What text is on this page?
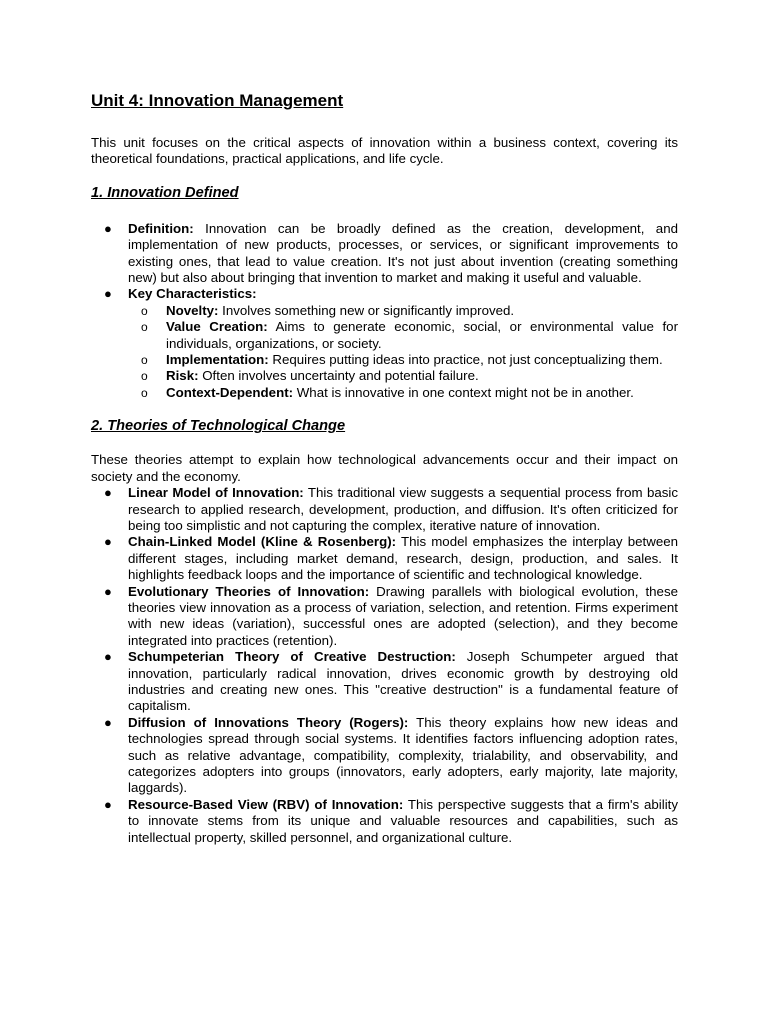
Unit 4: Innovation Management

This unit focuses on the critical aspects of innovation within a business context, covering its theoretical foundations, practical applications, and life cycle.

1. Innovation Defined
● Definition: Innovation can be broadly defined as the creation, development, and implementation of new products, processes, or services, or significant improvements to existing ones, that lead to value creation. It's not just about invention (creating something new) but also about bringing that invention to market and making it useful and valuable.
● Key Characteristics:
o Novelty: Involves something new or significantly improved.
o Value Creation: Aims to generate economic, social, or environmental value for individuals, organizations, or society.
o Implementation: Requires putting ideas into practice, not just conceptualizing them.
o Risk: Often involves uncertainty and potential failure.
o Context-Dependent: What is innovative in one context might not be in another.
2. Theories of Technological Change

These theories attempt to explain how technological advancements occur and their impact on society and the economy.

● Linear Model of Innovation: This traditional view suggests a sequential process from basic research to applied research, development, production, and diffusion. It's often criticized for being too simplistic and not capturing the complex, iterative nature of innovation.
● Chain-Linked Model (Kline & Rosenberg): This model emphasizes the interplay between different stages, including market demand, research, design, production, and sales. It highlights feedback loops and the importance of scientific and technological knowledge.
● Evolutionary Theories of Innovation: Drawing parallels with biological evolution, these theories view innovation as a process of variation, selection, and retention. Firms experiment with new ideas (variation), successful ones are adopted (selection), and they become integrated into practices (retention).
● Schumpeterian Theory of Creative Destruction: Joseph Schumpeter argued that innovation, particularly radical innovation, drives economic growth by destroying old industries and creating new ones. This "creative destruction" is a fundamental feature of capitalism.
● Diffusion of Innovations Theory (Rogers): This theory explains how new ideas and technologies spread through social systems. It identifies factors influencing adoption rates, such as relative advantage, compatibility, complexity, trialability, and observability, and categorizes adopters into groups (innovators, early adopters, early majority, late majority, laggards).
● Resource-Based View (RBV) of Innovation: This perspective suggests that a firm's ability to innovate stems from its unique and valuable resources and capabilities, such as intellectual property, skilled personnel, and organizational culture.
